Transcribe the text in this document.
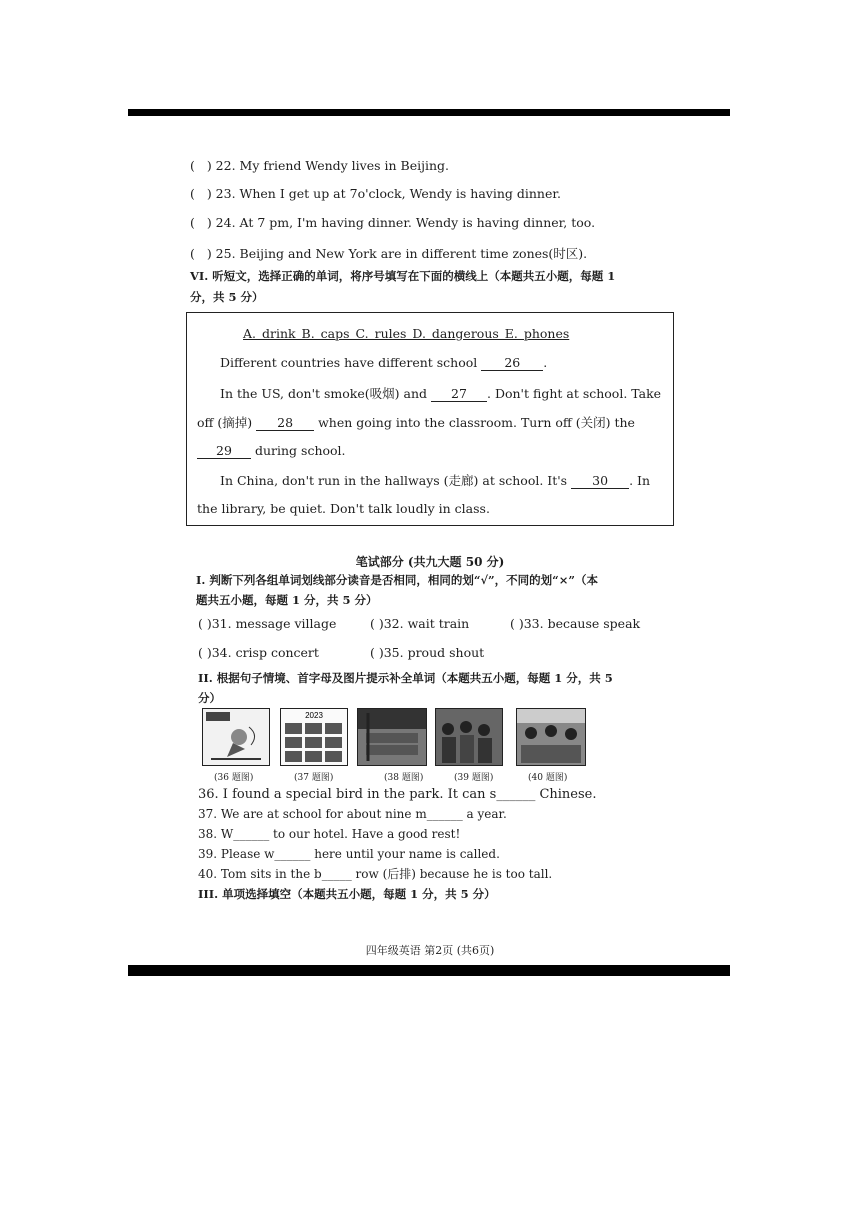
( ) 22. My friend Wendy lives in Beijing.
( ) 23. When I get up at 7o'clock, Wendy is having dinner.
( ) 24. At 7 pm, I'm having dinner. Wendy is having dinner, too.
( ) 25. Beijing and New York are in different time zones(时区).
VI. 听短文，选择正确的单词，将序号填写在下面的横线上（本题共五小题，每题 1
分，共 5 分）
A. drink B. caps C. rules D. dangerous E. phones
Different countries have different school 26 .
In the US, don't smoke(吸烟) and 27 . Don't fight at school. Take
off (摘掉) 28 when going into the classroom. Turn off (关闭) the
29 during school.
In China, don't run in the hallways (走廊) at school. It's 30 . In
the library, be quiet. Don't talk loudly in class.
笔试部分 (共九大题 50 分)
I. 判断下列各组单词划线部分读音是否相同，相同的划“√”，不同的划“×”（本
题共五小题，每题 1 分，共 5 分）
( )31. message village	( )32. wait train	( )33. because speak
( )34. crisp concert	( )35. proud shout
II. 根据句子情境、首字母及图片提示补全单词（本题共五小题，每题 1 分，共 5
分）
2023
(36 题图)	(37 题图)	(38 题图)	(39 题图)	(40 题图)
36. I found a special bird in the park. It can s______ Chinese.
37. We are at school for about nine m______ a year.
38. W______ to our hotel. Have a good rest!
39. Please w______ here until your name is called.
40. Tom sits in the b_____ row (后排) because he is too tall.
III. 单项选择填空（本题共五小题，每题 1 分，共 5 分）
四年级英语 第2页 (共6页)
